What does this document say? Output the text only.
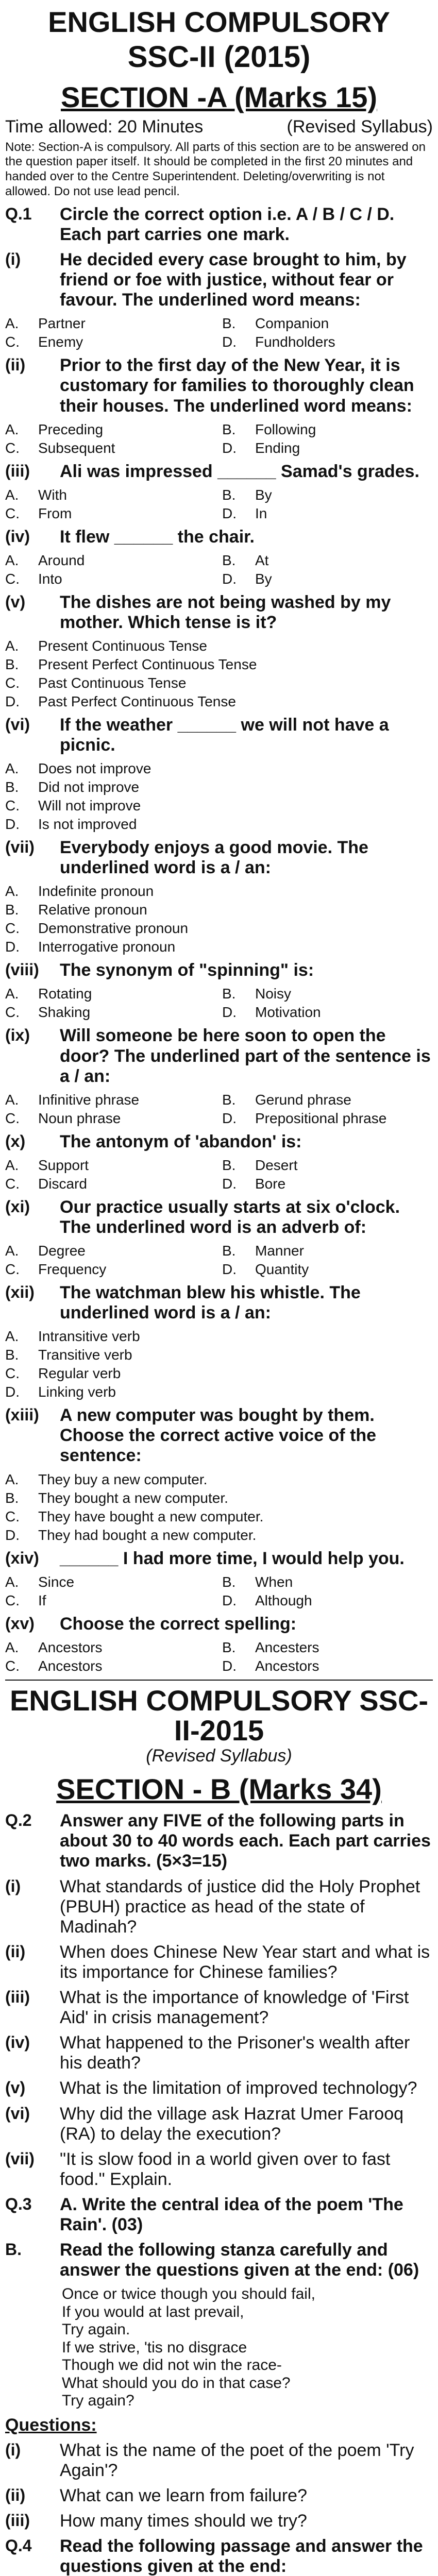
ENGLISH COMPULSORY
SSC-II (2015)
SECTION -A (Marks 15)
Time allowed: 20 Minutes	(Revised Syllabus)
Note: Section-A is compulsory. All parts of this section are to be answered on the question paper itself. It should be completed in the first 20 minutes and handed over to the Centre Superintendent. Deleting/overwriting is not allowed. Do not use lead pencil.
Q.1	Circle the correct option i.e. A / B / C / D. Each part carries one mark.
(i)	He decided every case brought to him, by friend or foe with justice, without fear or favour. The underlined word means:
A.	Partner	B.	Companion
C.	Enemy	D.	Fundholders
(ii)	Prior to the first day of the New Year, it is customary for families to thoroughly clean their houses. The underlined word means:
A.	Preceding	B.	Following
C.	Subsequent	D.	Ending
(iii)	Ali was impressed ______ Samad's grades.
A.	With	B.	By
C.	From	D.	In
(iv)	It flew ______ the chair.
A.	Around	B.	At
C.	Into	D.	By
(v)	The dishes are not being washed by my mother. Which tense is it?
A.	Present Continuous Tense
B.	Present Perfect Continuous Tense
C.	Past Continuous Tense
D.	Past Perfect Continuous Tense
(vi)	If the weather ______ we will not have a picnic.
A.	Does not improve
B.	Did not improve
C.	Will not improve
D.	Is not improved
(vii)	Everybody enjoys a good movie. The underlined word is a / an:
A.	Indefinite pronoun
B.	Relative pronoun
C.	Demonstrative pronoun
D.	Interrogative pronoun
(viii)	The synonym of "spinning" is:
A.	Rotating	B.	Noisy
C.	Shaking	D.	Motivation
(ix)	Will someone be here soon to open the door? The underlined part of the sentence is a / an:
A.	Infinitive phrase	B.	Gerund phrase
C.	Noun phrase	D.	Prepositional phrase
(x)	The antonym of 'abandon' is:
A.	Support	B.	Desert
C.	Discard	D.	Bore
(xi)	Our practice usually starts at six o'clock. The underlined word is an adverb of:
A.	Degree	B.	Manner
C.	Frequency	D.	Quantity
(xii)	The watchman blew his whistle. The underlined word is a / an:
A.	Intransitive verb
B.	Transitive verb
C.	Regular verb
D.	Linking verb
(xiii)	A new computer was bought by them. Choose the correct active voice of the sentence:
A.	They buy a new computer.
B.	They bought a new computer.
C.	They have bought a new computer.
D.	They had bought a new computer.
(xiv)	______ I had more time, I would help you.
A.	Since	B.	When
C.	If	D.	Although
(xv)	Choose the correct spelling:
A.	Ancestors	B.	Ancesters
C.	Ancestors	D.	Ancestors
ENGLISH COMPULSORY SSC-II-2015
(Revised Syllabus)
SECTION - B (Marks 34)
Q.2	Answer any FIVE of the following parts in about 30 to 40 words each. Each part carries two marks. (5×3=15)
(i)	What standards of justice did the Holy Prophet (PBUH) practice as head of the state of Madinah?
(ii)	When does Chinese New Year start and what is its importance for Chinese families?
(iii)	What is the importance of knowledge of 'First Aid' in crisis management?
(iv)	What happened to the Prisoner's wealth after his death?
(v)	What is the limitation of improved technology?
(vi)	Why did the village ask Hazrat Umer Farooq (RA) to delay the execution?
(vii)	"It is slow food in a world given over to fast food." Explain.
Q.3	A. Write the central idea of the poem 'The Rain'. (03)
B.	Read the following stanza carefully and answer the questions given at the end: (06)
Once or twice though you should fail,
If you would at last prevail,
Try again.
If we strive, 'tis no disgrace
Though we did not win the race-
What should you do in that case?
Try again?
Questions:
(i)	What is the name of the poet of the poem 'Try Again'?
(ii)	What can we learn from failure?
(iii)	How many times should we try?
Q.4	Read the following passage and answer the questions given at the end:
